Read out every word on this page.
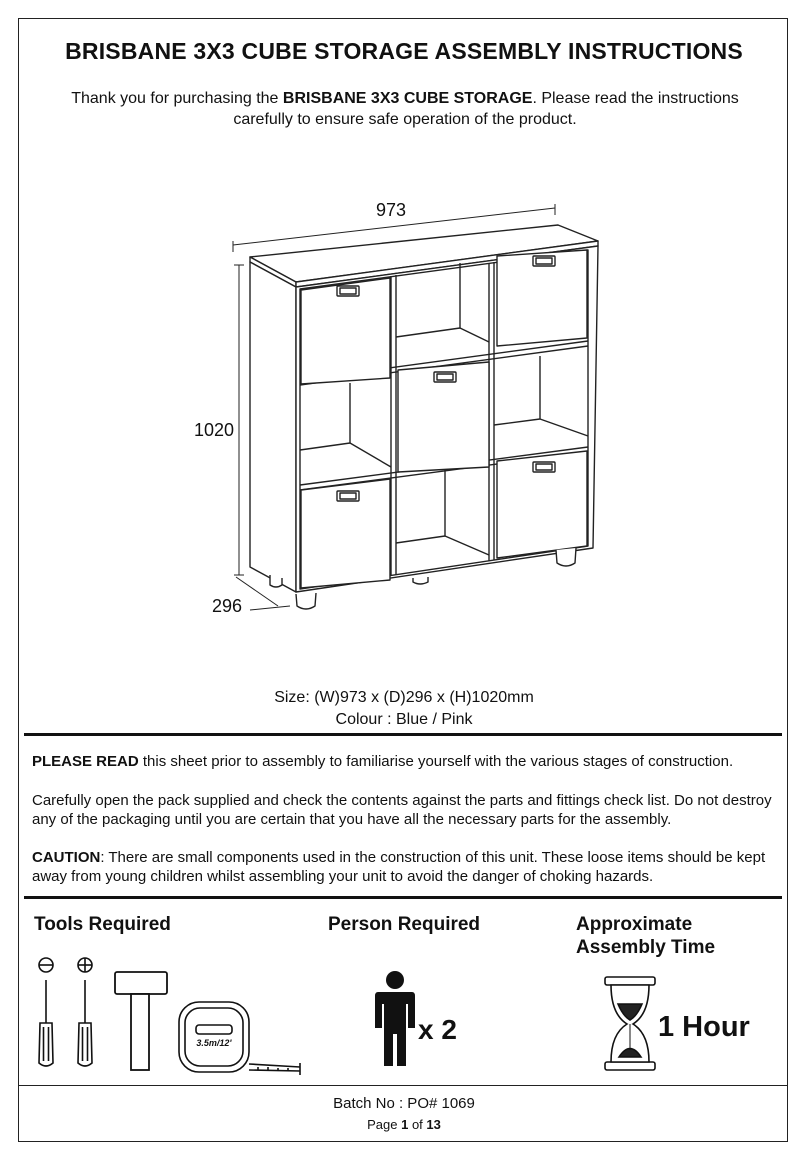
BRISBANE 3X3 CUBE STORAGE ASSEMBLY INSTRUCTIONS
Thank you for purchasing the BRISBANE 3X3 CUBE STORAGE. Please read the instructions carefully to ensure safe operation of the product.
973
1020
296
Size: (W)973 x (D)296 x (H)1020mm
Colour : Blue / Pink
PLEASE READ this sheet prior to assembly to familiarise yourself with the various stages of construction.
Carefully open the pack supplied and check the contents against the parts and fittings check list. Do not destroy any of the packaging until you are certain that you have all the necessary parts for the assembly.
CAUTION: There are small components used in the construction of this unit. These loose items should be kept away from young children whilst assembling your unit to avoid the danger of choking hazards.
Tools Required	Person Required	Approximate
Assembly Time
3.5m/12'	x 2	1 Hour
Batch No : PO# 1069
Page 1 of 13
